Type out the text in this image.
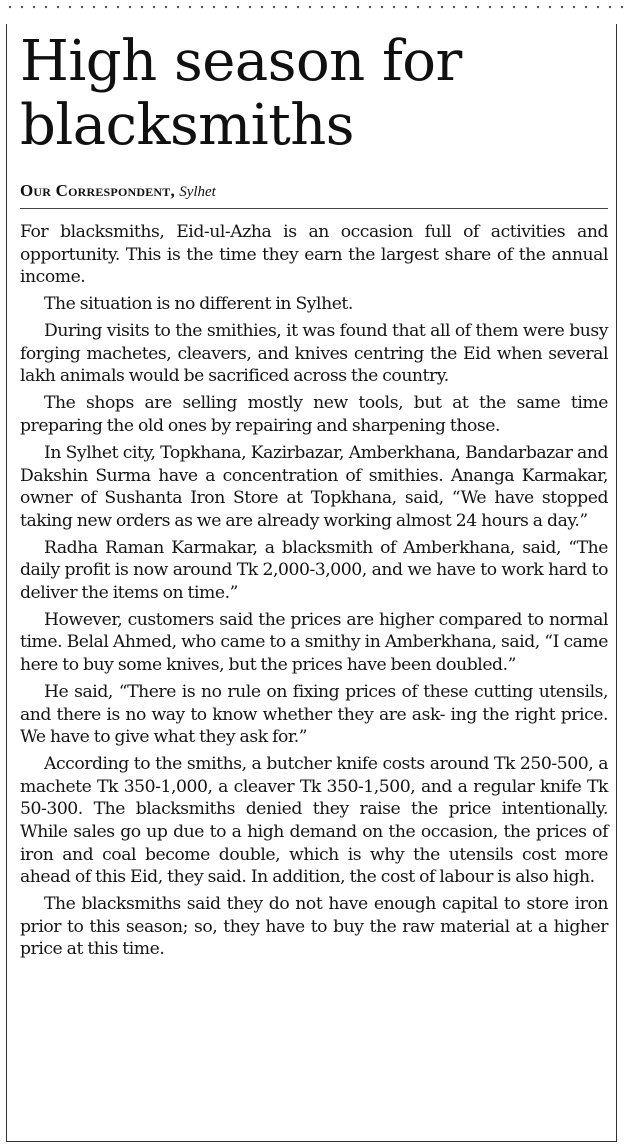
High season for blacksmiths
Our Correspondent, Sylhet

For blacksmiths, Eid-ul-Azha is an occasion full of activities and opportunity. This is the time they earn the largest share of the annual income.

The situation is no different in Sylhet.

During visits to the smithies, it was found that all of them were busy forging machetes, cleavers, and knives centring the Eid when several lakh animals would be sacrificed across the country.

The shops are selling mostly new tools, but at the same time preparing the old ones by repairing and sharpening those.

In Sylhet city, Topkhana, Kazirbazar, Amberkhana, Bandarbazar and Dakshin Surma have a concentration of smithies. Ananga Karmakar, owner of Sushanta Iron Store at Topkhana, said, “We have stopped taking new orders as we are already working almost 24 hours a day.”

Radha Raman Karmakar, a blacksmith of Amberkhana, said, “The daily profit is now around Tk 2,000-3,000, and we have to work hard to deliver the items on time.”

However, customers said the prices are higher compared to normal time. Belal Ahmed, who came to a smithy in Amberkhana, said, “I came here to buy some knives, but the prices have been doubled.”

He said, “There is no rule on fixing prices of these cutting utensils, and there is no way to know whether they are ask- ing the right price. We have to give what they ask for.”

According to the smiths, a butcher knife costs around Tk 250-500, a machete Tk 350-1,000, a cleaver Tk 350-1,500, and a regular knife Tk 50-300. The blacksmiths denied they raise the price intentionally. While sales go up due to a high demand on the occasion, the prices of iron and coal become double, which is why the utensils cost more ahead of this Eid, they said. In addition, the cost of labour is also high.

The blacksmiths said they do not have enough capital to store iron prior to this season; so, they have to buy the raw material at a higher price at this time.
